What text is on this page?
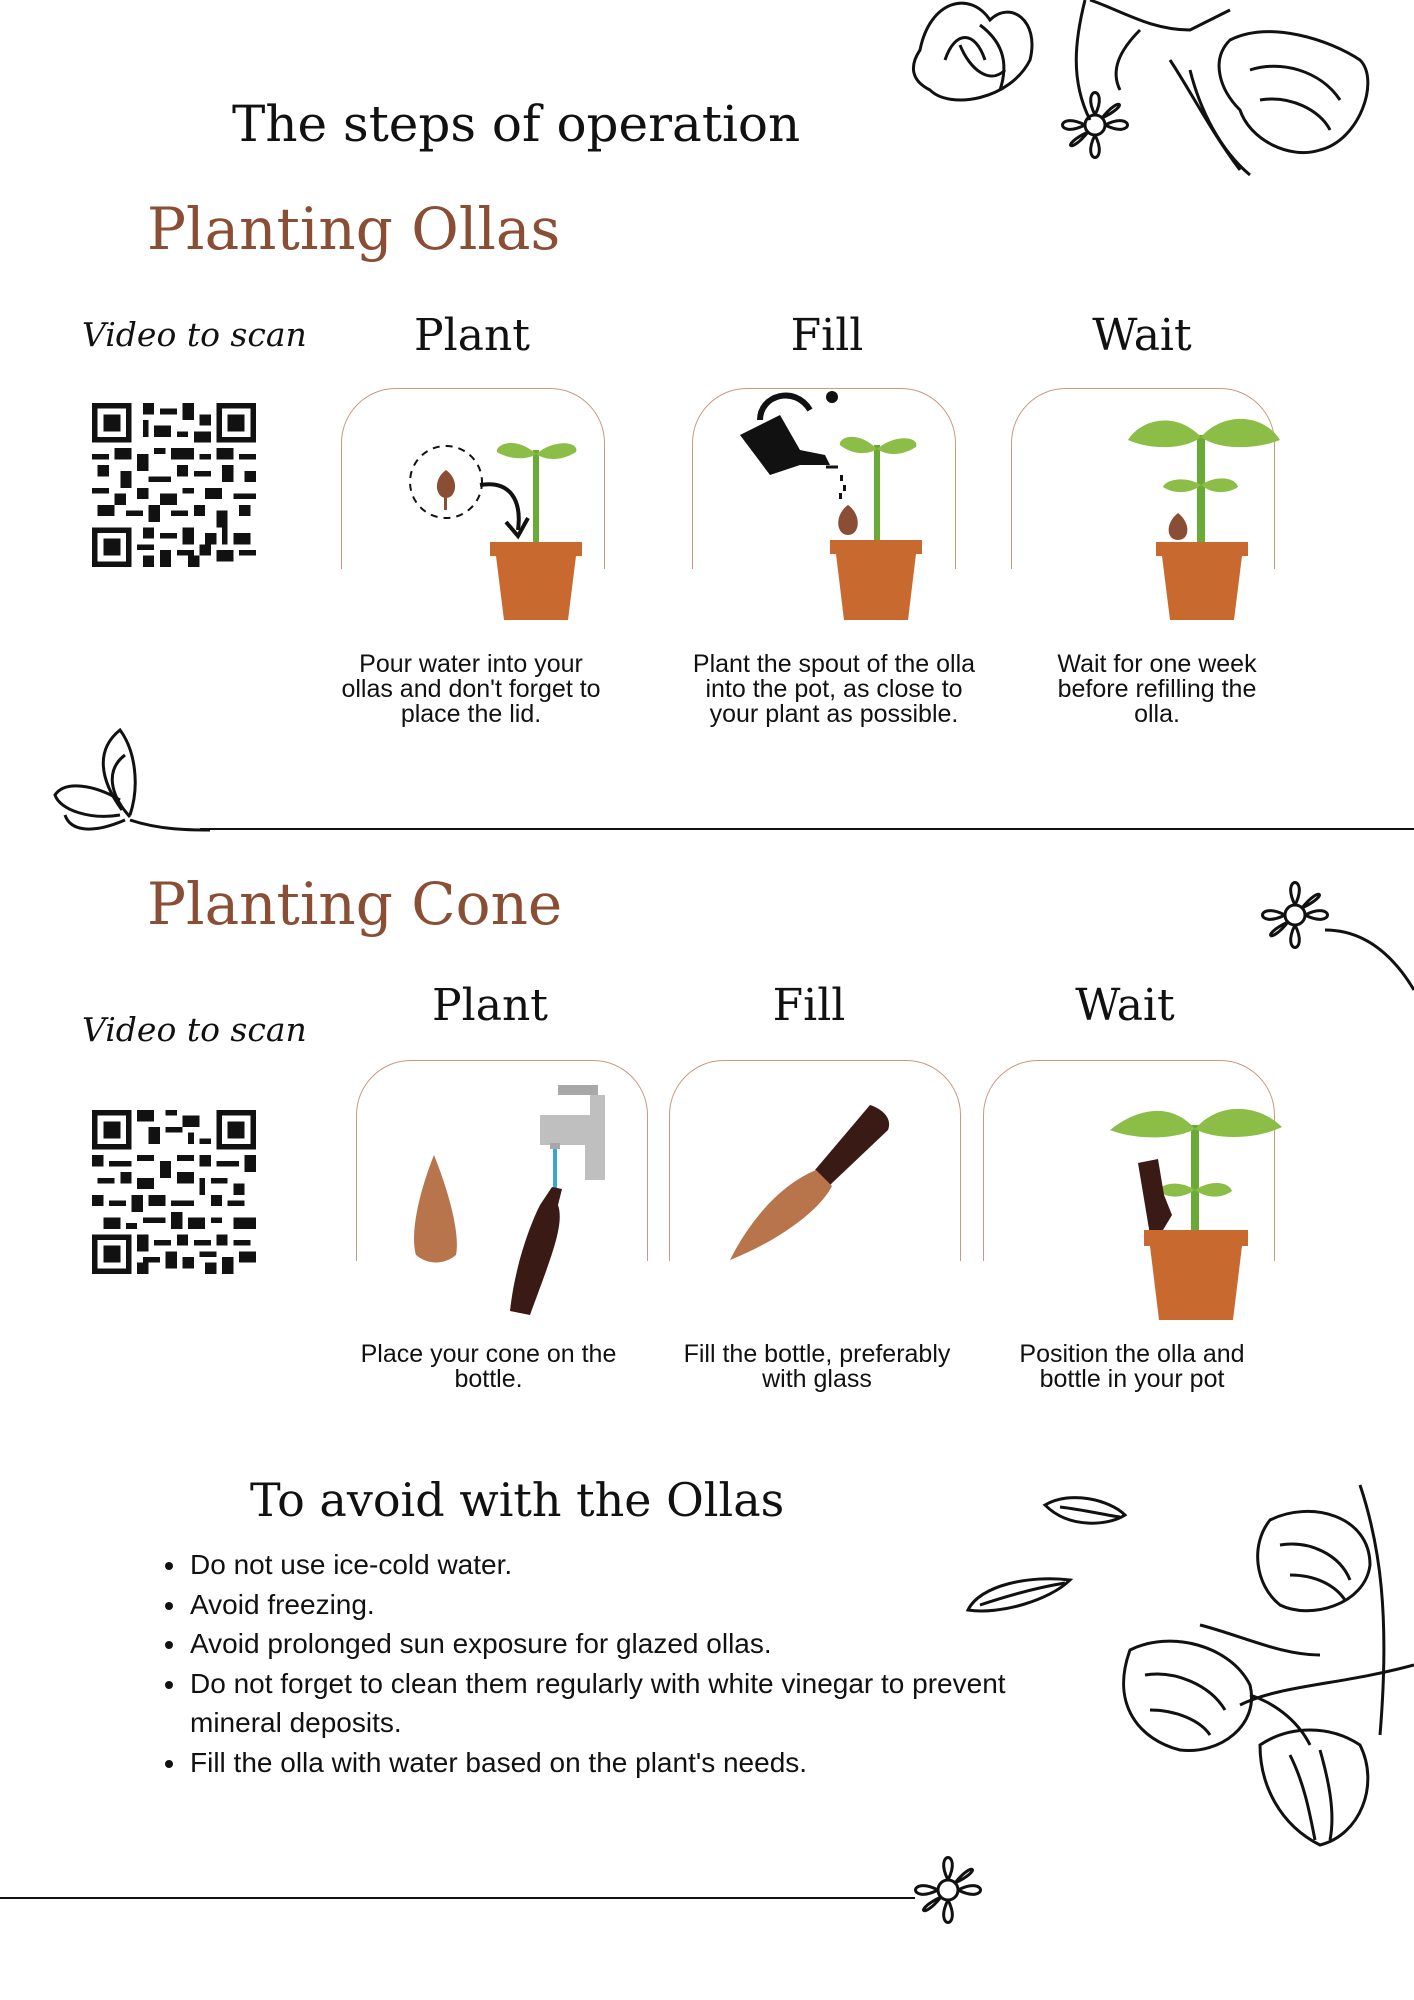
The steps of operation
Planting Ollas
Video to scan	Plant	Fill	Wait
Pour water into your ollas and don't forget to place the lid.
Plant the spout of the olla into the pot, as close to your plant as possible.
Wait for one week before refilling the olla.
Planting Cone
Video to scan	Plant	Fill	Wait
Place your cone on the bottle.
Fill the bottle, preferably with glass
Position the olla and bottle in your pot
To avoid with the Ollas
• Do not use ice-cold water.
• Avoid freezing.
• Avoid prolonged sun exposure for glazed ollas.
• Do not forget to clean them regularly with white vinegar to prevent mineral deposits.
• Fill the olla with water based on the plant's needs.
